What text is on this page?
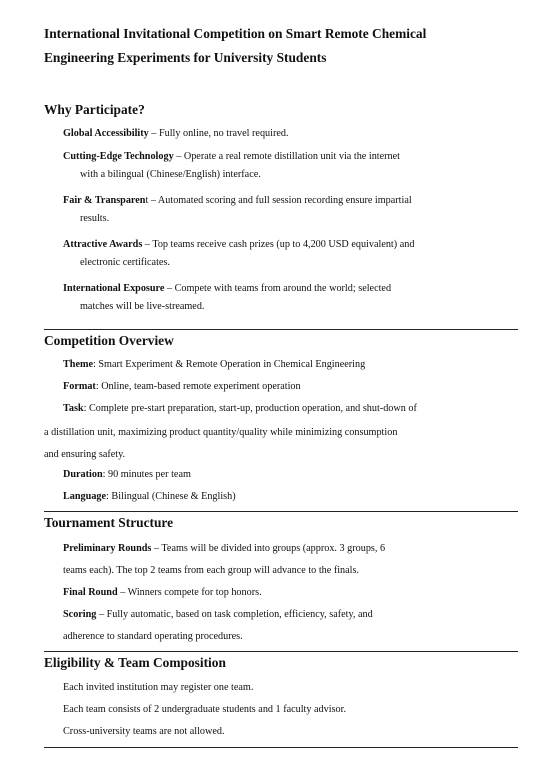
International Invitational Competition on Smart Remote Chemical
Engineering Experiments for University Students
Why Participate?
Global Accessibility – Fully online, no travel required.
Cutting-Edge Technology – Operate a real remote distillation unit via the internet
with a bilingual (Chinese/English) interface.
Fair & Transparent – Automated scoring and full session recording ensure impartial
results.
Attractive Awards – Top teams receive cash prizes (up to 4,200 USD equivalent) and
electronic certificates.
International Exposure – Compete with teams from around the world; selected
matches will be live-streamed.
Competition Overview
Theme: Smart Experiment & Remote Operation in Chemical Engineering
Format: Online, team-based remote experiment operation
Task: Complete pre-start preparation, start-up, production operation, and shut-down of
a distillation unit, maximizing product quantity/quality while minimizing consumption
and ensuring safety.
Duration: 90 minutes per team
Language: Bilingual (Chinese & English)
Tournament Structure
Preliminary Rounds – Teams will be divided into groups (approx. 3 groups, 6
teams each). The top 2 teams from each group will advance to the finals.
Final Round – Winners compete for top honors.
Scoring – Fully automatic, based on task completion, efficiency, safety, and
adherence to standard operating procedures.
Eligibility & Team Composition
Each invited institution may register one team.
Each team consists of 2 undergraduate students and 1 faculty advisor.
Cross-university teams are not allowed.
